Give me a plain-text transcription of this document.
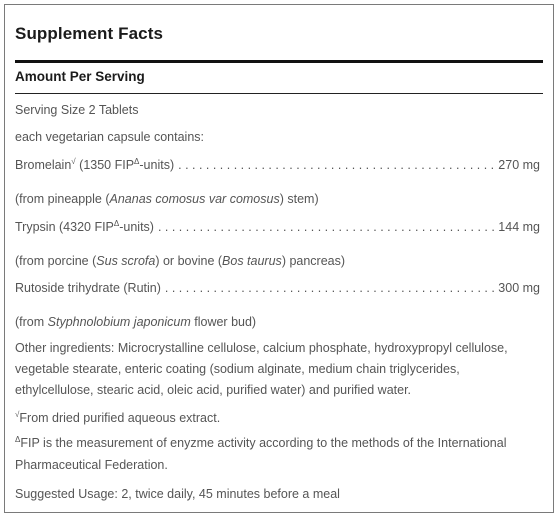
Supplement Facts
Amount Per Serving
Serving Size 2 Tablets
each vegetarian capsule contains:
Bromelain√ (1350 $FIP^\Delta-units$) . . .	270 mg
(from pineapple (Ananas comosus var comosus) stem)
Trypsin (4320 $FIP^\Delta-units$) . . .	144 mg
(from porcine (Sus scrofa) or bovine (Bos taurus) pancreas)
Rutoside trihydrate (Rutin) . . .	300 mg
(from Styphnolobium japonicum flower bud)
Other ingredients: Microcrystalline cellulose, calcium phosphate, hydroxypropyl cellulose, vegetable stearate, enteric coating (sodium alginate, medium chain triglycerides, ethylcellulose, stearic acid, oleic acid, purified water) and purified water.
√From dried purified aqueous extract.
$^\Delta$FIP is the measurement of enyzme activity according to the methods of the International Pharmaceutical Federation.
Suggested Usage: 2, twice daily, 45 minutes before a meal
